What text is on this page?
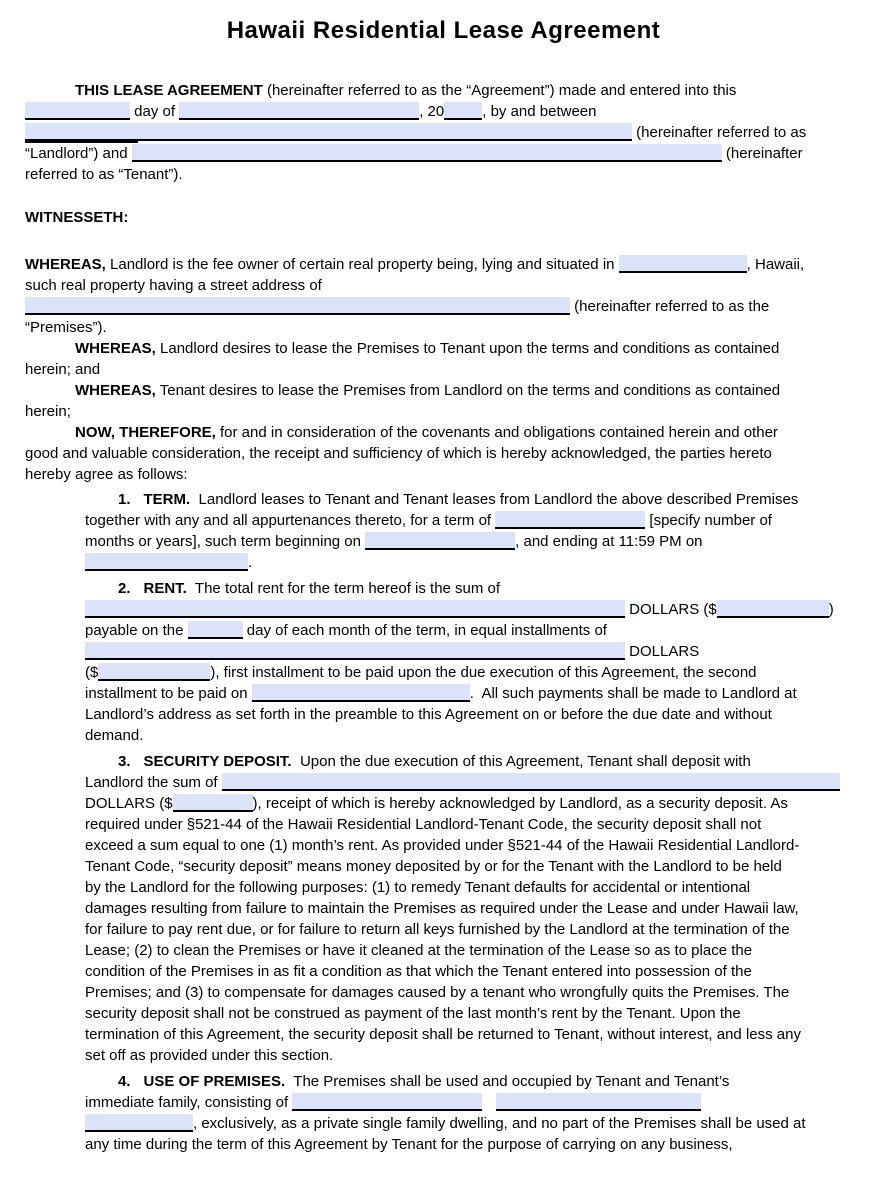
Hawaii Residential Lease Agreement
THIS LEASE AGREEMENT (hereinafter referred to as the “Agreement”) made and entered into this
day of	, 20	, by and between
(hereinafter referred to as
“Landlord”) and	(hereinafter
referred to as “Tenant”).
WITNESSETH:
WHEREAS, Landlord is the fee owner of certain real property being, lying and situated in	, Hawaii,
such real property having a street address of
(hereinafter referred to as the
“Premises”).
WHEREAS, Landlord desires to lease the Premises to Tenant upon the terms and conditions as contained
herein; and
WHEREAS, Tenant desires to lease the Premises from Landlord on the terms and conditions as contained
herein;
NOW, THEREFORE, for and in consideration of the covenants and obligations contained herein and other
good and valuable consideration, the receipt and sufficiency of which is hereby acknowledged, the parties hereto
hereby agree as follows:
1. TERM.  Landlord leases to Tenant and Tenant leases from Landlord the above described Premises
together with any and all appurtenances thereto, for a term of	[specify number of
months or years], such term beginning on	, and ending at 11:59 PM on
.
2. RENT.  The total rent for the term hereof is the sum of
DOLLARS ($	)
payable on the	day of each month of the term, in equal installments of
DOLLARS
($	), first installment to be paid upon the due execution of this Agreement, the second
installment to be paid on	.  All such payments shall be made to Landlord at
Landlord’s address as set forth in the preamble to this Agreement on or before the due date and without
demand.
3. SECURITY DEPOSIT.  Upon the due execution of this Agreement, Tenant shall deposit with
Landlord the sum of
DOLLARS ($	), receipt of which is hereby acknowledged by Landlord, as a security deposit. As
required under §521-44 of the Hawaii Residential Landlord-Tenant Code, the security deposit shall not
exceed a sum equal to one (1) month’s rent. As provided under §521-44 of the Hawaii Residential Landlord-
Tenant Code, “security deposit” means money deposited by or for the Tenant with the Landlord to be held
by the Landlord for the following purposes: (1) to remedy Tenant defaults for accidental or intentional
damages resulting from failure to maintain the Premises as required under the Lease and under Hawaii law,
for failure to pay rent due, or for failure to return all keys furnished by the Landlord at the termination of the
Lease; (2) to clean the Premises or have it cleaned at the termination of the Lease so as to place the
condition of the Premises in as fit a condition as that which the Tenant entered into possession of the
Premises; and (3) to compensate for damages caused by a tenant who wrongfully quits the Premises. The
security deposit shall not be construed as payment of the last month’s rent by the Tenant. Upon the
termination of this Agreement, the security deposit shall be returned to Tenant, without interest, and less any
set off as provided under this section.
4. USE OF PREMISES.  The Premises shall be used and occupied by Tenant and Tenant’s
immediate family, consisting of
, exclusively, as a private single family dwelling, and no part of the Premises shall be used at
any time during the term of this Agreement by Tenant for the purpose of carrying on any business,
